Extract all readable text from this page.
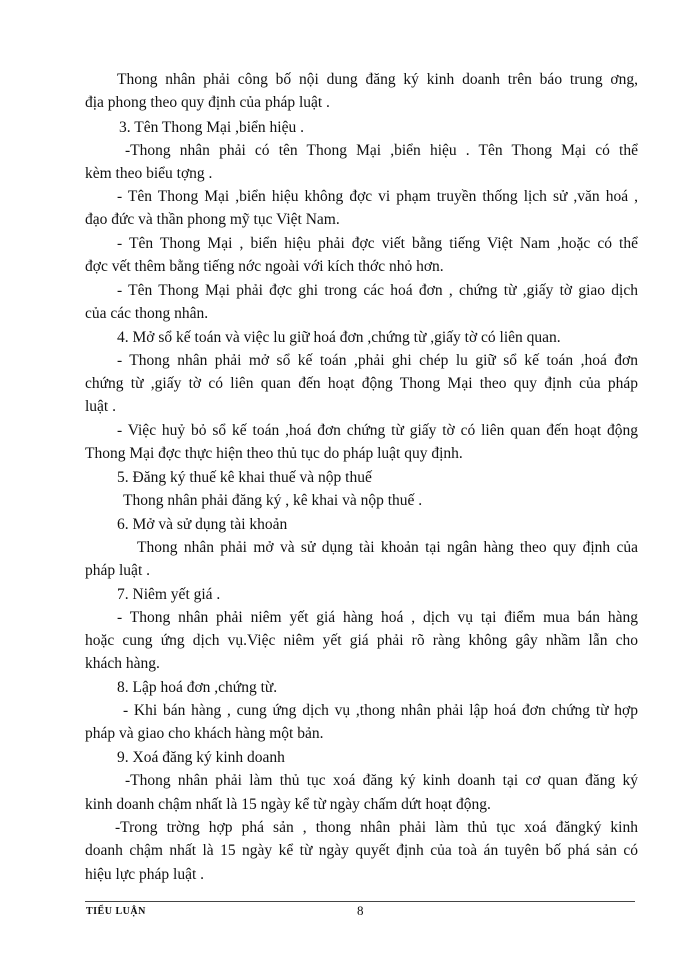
Thong nhân phải công bố nội dung đăng ký kinh doanh trên báo trung ơng,
địa phong theo quy định của pháp luật .
3. Tên Thong Mại ,biển hiệu .
-Thong nhân phải có tên Thong Mại ,biển hiệu . Tên Thong Mại có thể
kèm theo biểu tợng .
- Tên Thong Mại ,biển hiệu không đợc vi phạm truyền thống lịch sử ,văn hoá ,
đạo đức và thần phong mỹ tục Việt Nam.
- Tên Thong Mại , biển hiệu phải đợc viết bằng tiếng Việt Nam ,hoặc có thể
đợc vết thêm bằng tiếng nớc ngoài với kích thớc nhỏ hơn.
- Tên Thong Mại phải đợc ghi trong các hoá đơn , chứng từ ,giấy tờ giao dịch
của các thong nhân.
4. Mở sổ kế toán và việc lu giữ hoá đơn ,chứng từ ,giấy tờ có liên quan.
- Thong nhân phải mở sổ kế toán ,phải ghi chép lu giữ sổ kế toán ,hoá đơn
chứng từ ,giấy tờ có liên quan đến hoạt động Thong Mại theo quy định của pháp
luật .
- Việc huỷ bỏ sổ kế toán ,hoá đơn chứng từ giấy tờ có liên quan đến hoạt động
Thong Mại đợc thực hiện theo thủ tục do pháp luật quy định.
5. Đăng ký thuế kê khai thuế và nộp thuế
Thong nhân phải đăng ký , kê khai và nộp thuế .
6. Mở và sử dụng tài khoản
Thong nhân phải mở và sử dụng tài khoản tại ngân hàng theo quy định của
pháp luật .
7. Niêm yết giá .
- Thong nhân phải niêm yết giá hàng hoá , dịch vụ tại điểm mua bán hàng
hoặc cung ứng dịch vụ.Việc niêm yết giá phải rõ ràng không gây nhầm lẫn cho
khách hàng.
8. Lập hoá đơn ,chứng từ.
- Khi bán hàng , cung ứng dịch vụ ,thong nhân phải lập hoá đơn chứng từ hợp
pháp và giao cho khách hàng một bản.
9. Xoá đăng ký kinh doanh
-Thong nhân phải làm thủ tục xoá đăng ký kinh doanh tại cơ quan đăng ký
kinh doanh chậm nhất là 15 ngày kể từ ngày chấm dứt hoạt động.
-Trong trờng hợp phá sản , thong nhân phải làm thủ tục xoá đăngký kinh
doanh chậm nhất là 15 ngày kể từ ngày quyết định của toà án tuyên bố phá sản có
hiệu lực pháp luật .
TIỂU LUẬN	8
